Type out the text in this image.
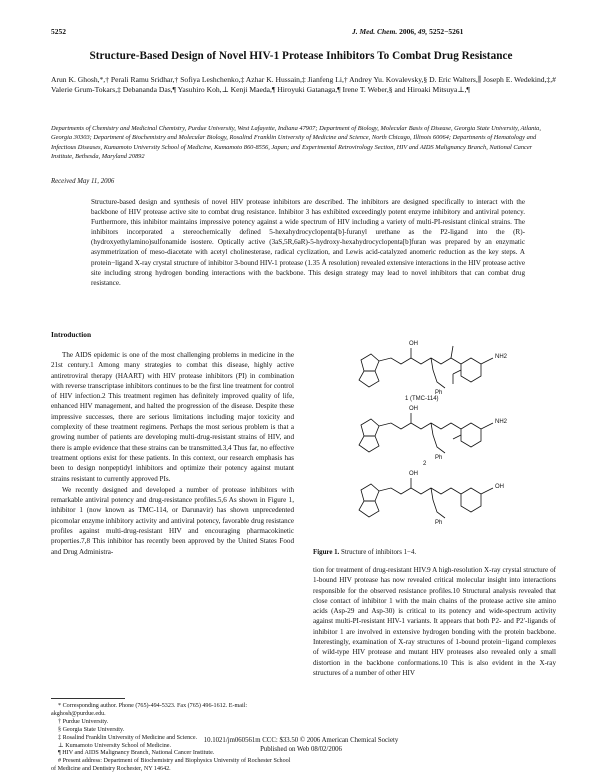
5252	J. Med. Chem. 2006, 49, 5252−5261
Structure-Based Design of Novel HIV-1 Protease Inhibitors To Combat Drug Resistance
Arun K. Ghosh,*,† Perali Ramu Sridhar,† Sofiya Leshchenko,‡ Azhar K. Hussain,‡ Jianfeng Li,† Andrey Yu. Kovalevsky,§ D. Eric Walters,∥ Joseph E. Wedekind,‡,# Valerie Grum-Tokars,‡ Debananda Das,¶ Yasuhiro Koh,⊥ Kenji Maeda,¶ Hiroyuki Gatanaga,¶ Irene T. Weber,§ and Hiroaki Mitsuya⊥,¶
Departments of Chemistry and Medicinal Chemistry, Purdue University, West Lafayette, Indiana 47907; Department of Biology, Molecular Basis of Disease, Georgia State University, Atlanta, Georgia 30303; Department of Biochemistry and Molecular Biology, Rosalind Franklin University of Medicine and Science, North Chicago, Illinois 60064; Departments of Hematology and Infectious Diseases, Kumamoto University School of Medicine, Kumamoto 860-8556, Japan; and Experimental Retrovirology Section, HIV and AIDS Malignancy Branch, National Cancer Institute, Bethesda, Maryland 20892
Received May 11, 2006
Structure-based design and synthesis of novel HIV protease inhibitors are described. The inhibitors are designed specifically to interact with the backbone of HIV protease active site to combat drug resistance. Inhibitor 3 has exhibited exceedingly potent enzyme inhibitory and antiviral potency. Furthermore, this inhibitor maintains impressive potency against a wide spectrum of HIV including a variety of multi-PI-resistant clinical strains. The inhibitors incorporated a stereochemically defined 5-hexahydrocyclopenta[b]-furanyl urethane as the P2-ligand into the (R)-(hydroxyethylamino)sulfonamide isostere. Optically active (3aS,5R,6aR)-5-hydroxy-hexahydrocyclopenta[b]furan was prepared by an enzymatic asymmetrization of meso-diacetate with acetyl cholinesterase, radical cyclization, and Lewis acid-catalyzed anomeric reduction as the key steps. A protein−ligand X-ray crystal structure of inhibitor 3-bound HIV-1 protease (1.35 Å resolution) revealed extensive interactions in the HIV protease active site including strong hydrogen bonding interactions with the backbone. This design strategy may lead to novel inhibitors that can combat drug resistance.
Introduction

The AIDS epidemic is one of the most challenging problems in medicine in the 21st century.1 Among many strategies to combat this disease, highly active antiretroviral therapy (HAART) with HIV protease inhibitors (PI) in combination with reverse transcriptase inhibitors continues to be the first line treatment for control of HIV infection.2 This treatment regimen has definitely improved quality of life, enhanced HIV management, and halted the progression of the disease. Despite these impressive successes, there are serious limitations including major toxicity and complexity of these treatment regimens. Perhaps the most serious problem is that a growing number of patients are developing multi-drug-resistant strains of HIV, and there is ample evidence that these strains can be transmitted.3,4 Thus far, no effective treatment options exist for these patients. In this context, our research emphasis has been to design nonpeptidyl inhibitors and optimize their potency against mutant strains resistant to currently approved PIs.

We recently designed and developed a number of protease inhibitors with remarkable antiviral potency and drug-resistance profiles.5,6 As shown in Figure 1, inhibitor 1 (now known as TMC-114, or Darunavir) has shown unprecedented picomolar enzyme inhibitory activity and antiviral potency, favorable drug resistance profiles against multi-drug-resistant HIV and encouraging pharmacokinetic properties.7,8 This inhibitor has recently been approved by the United States Food and Drug Administra-

* Corresponding author. Phone (765)-494-5323. Fax (765) 496-1612. E-mail: akghosh@purdue.edu.
† Purdue University.
§ Georgia State University.
‡ Rosalind Franklin University of Medicine and Science.
⊥ Kumamoto University School of Medicine.
¶ HIV and AIDS Malignancy Branch, National Cancer Institute.
# Present address: Department of Biochemistry and Biophysics University of Rochester School of Medicine and Dentistry Rochester, NY 14642.
OH
NH2
1 (TMC-114)
OH
NH2
2
OH
OH
Ph
Ph
Ph
Figure 1. Structure of inhibitors 1−4.
tion for treatment of drug-resistant HIV.9 A high-resolution X-ray crystal structure of 1-bound HIV protease has now revealed critical molecular insight into interactions responsible for the observed resistance profiles.10 Structural analysis revealed that close contact of inhibitor 1 with the main chains of the protease active site amino acids (Asp-29 and Asp-30) is critical to its potency and wide-spectrum activity against multi-PI-resistant HIV-1 variants. It appears that both P2- and P2′-ligands of inhibitor 1 are involved in extensive hydrogen bonding with the protein backbone. Interestingly, examination of X-ray structures of 1-bound protein−ligand complexes of wild-type HIV protease and mutant HIV proteases also revealed only a small distortion in the backbone conformations.10 This is also evident in the X-ray structures of a number of other HIV
10.1021/jm060561m CCC: $33.50 © 2006 American Chemical Society
Published on Web 08/02/2006
